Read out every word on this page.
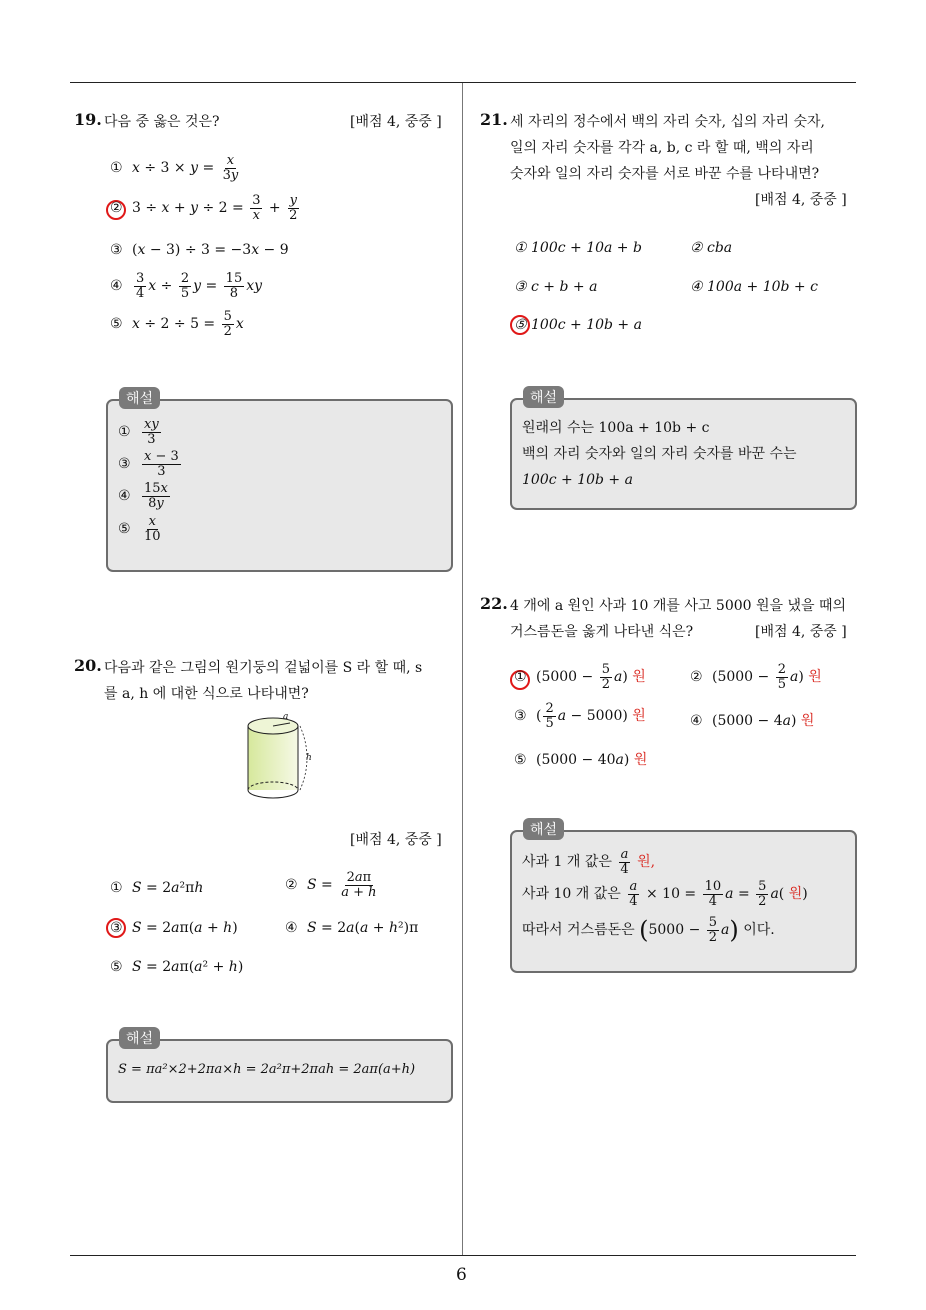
6
19. 다음 중 옳은 것은?	[배점 4, 중중 ]
① $x \div 3 \times y = \frac{x}{3y}$
② $3 \div x + y \div 2 = \frac{3}{x} + \frac{y}{2}$
③ (x − 3) ÷ 3 = −3x − 9
④ $\frac{3}{4}$ $x \div \frac{2}{5}$ $y = \frac{15}{8}$ xy
⑤ $x \div 2 \div 5 = \frac{5}{2}$ x
해설
① $\frac{xy}{3}$
③ $\frac{x - 3}{3}$
④ $\frac{15x}{8y}$
⑤ $\frac{x}{10}$
20. 다음과 같은 그림의 원기둥의 겉넓이를 S 라 할 때, s
를 a, h 에 대한 식으로 나타내면?
a
h
[배점 4, 중중 ]
① S = 2a²πh	② $S = \frac{2a\pi}{a + h}$
③ S = 2aπ(a + h)	④ S = 2a(a + h²)π
⑤ S = 2aπ(a² + h)
해설
S = πa²×2+2πa×h = 2a²π+2πah = 2aπ(a+h)
21. 세 자리의 정수에서 백의 자리 숫자, 십의 자리 숫자,
일의 자리 숫자를 각각 a, b, c 라 할 때, 백의 자리
숫자와 일의 자리 숫자를 서로 바꾼 수를 나타내면?
[배점 4, 중중 ]
① 100c + 10a + b	② cba
③ c + b + a	④ 100a + 10b + c
⑤ 100c + 10b + a
해설
원래의 수는 100a + 10b + c
백의 자리 숫자와 일의 자리 숫자를 바꾼 수는
100c + 10b + a
22. 4 개에 a 원인 사과 10 개를 사고 5000 원을 냈을 때의
거스름돈을 옳게 나타낸 식은?	[배점 4, 중중 ]
① $(5000 - \frac{5}{2} a)$ 원	② $(5000 - \frac{2}{5} a)$ 원
③ ( $\frac{2}{5}$ a − 5000) 원	④ (5000 − 4a) 원
⑤ (5000 − 40a) 원
해설
사과 1 개 값은 $\frac{a}{4}$ 원,
사과 10 개 값은 $\frac{a}{4} \times 10 = \frac{10}{4}$ $a = \frac{5}{2} a$( 원)
따라서 거스름돈은 $(5000 - \frac{5}{2} a)$ 이다.
